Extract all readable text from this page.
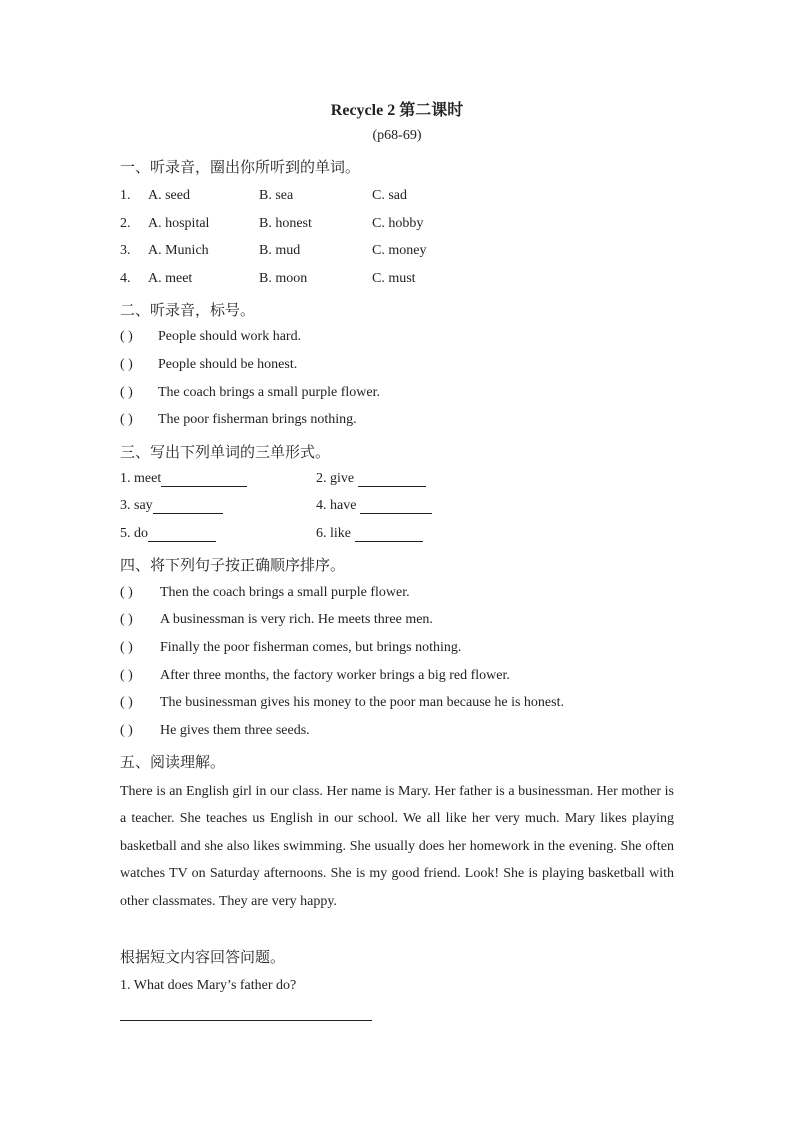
Recycle 2 第二课时
(p68-69)
一、听录音，圈出你所听到的单词。
1. A. seed	B. sea	C. sad
2. A. hospital	B. honest	C. hobby
3. A. Munich	B. mud	C. money
4. A. meet	B. moon	C. must
二、听录音，标号。
( ) People should work hard.
( ) People should be honest.
( ) The coach brings a small purple flower.
( ) The poor fisherman brings nothing.
三、写出下列单词的三单形式。
1. meet	2. give
3. say	4. have
5. do	6. like
四、将下列句子按正确顺序排序。
( ) Then the coach brings a small purple flower.
( ) A businessman is very rich. He meets three men.
( ) Finally the poor fisherman comes, but brings nothing.
( ) After three months, the factory worker brings a big red flower.
( ) The businessman gives his money to the poor man because he is honest.
( ) He gives them three seeds.
五、阅读理解。
There is an English girl in our class. Her name is Mary. Her father is a businessman. Her mother is a teacher. She teaches us English in our school. We all like her very much. Mary likes playing basketball and she also likes swimming. She usually does her homework in the evening. She often watches TV on Saturday afternoons. She is my good friend. Look! She is playing basketball with other classmates. They are very happy.
根据短文内容回答问题。
1. What does Mary’s father do?
